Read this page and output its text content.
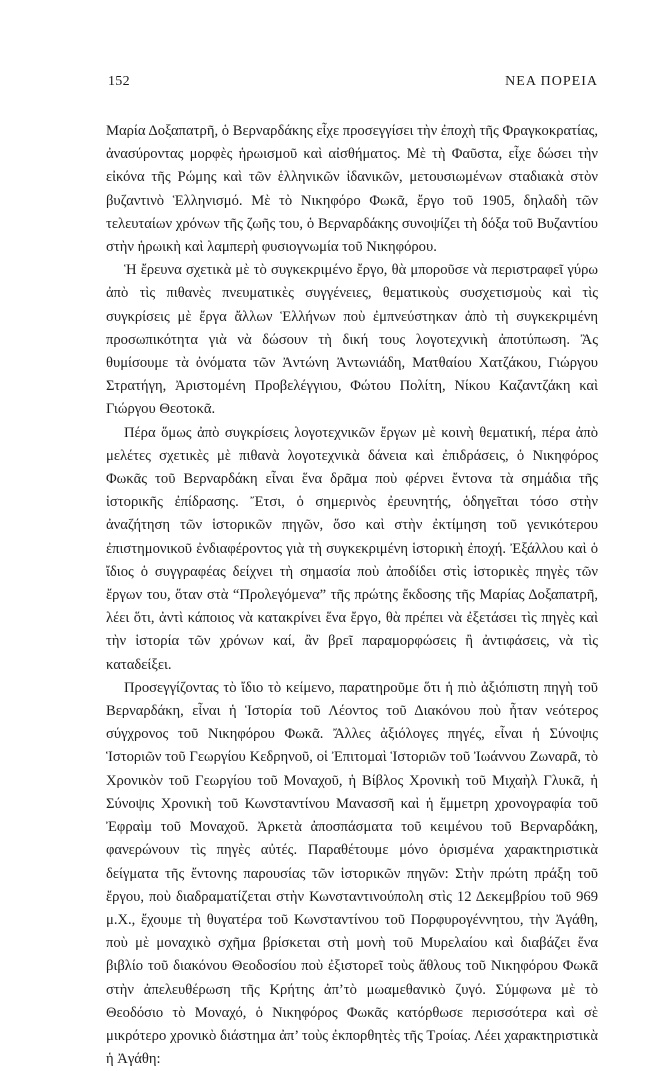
152	ΝΕΑ ΠΟΡΕΙΑ

Μαρία Δοξαπατρῆ, ὁ Βερναρδάκης εἶχε προσεγγίσει τὴν ἐποχὴ τῆς Φραγκοκρατίας, ἀνασύροντας μορφὲς ἡρωισμοῦ καὶ αἰσθήματος. Μὲ τὴ Φαῦστα, εἶχε δώσει τὴν εἰκόνα τῆς Ρώμης καὶ τῶν ἑλληνικῶν ἰδανικῶν, μετουσιωμένων σταδιακὰ στὸν βυζαντινὸ Ἑλληνισμό. Μὲ τὸ Νικηφόρο Φωκᾶ, ἔργο τοῦ 1905, δηλαδὴ τῶν τελευταίων χρόνων τῆς ζωῆς του, ὁ Βερναρδάκης συνοψίζει τὴ δόξα τοῦ Βυζαντίου στὴν ἡρωικὴ καὶ λαμπερὴ φυσιογνωμία τοῦ Νικηφόρου.

Ἡ ἔρευνα σχετικὰ μὲ τὸ συγκεκριμένο ἔργο, θὰ μποροῦσε νὰ περιστραφεῖ γύρω ἀπὸ τὶς πιθανὲς πνευματικὲς συγγένειες, θεματικοὺς συσχετισμοὺς καὶ τὶς συγκρίσεις μὲ ἔργα ἄλλων Ἑλλήνων ποὺ ἐμπνεύστηκαν ἀπὸ τὴ συγκεκριμένη προσωπικότητα γιὰ νὰ δώσουν τὴ δική τους λογοτεχνικὴ ἀποτύπωση. Ἂς θυμίσουμε τὰ ὀνόματα τῶν Ἀντώνη Ἀντωνιάδη, Ματθαίου Χατζάκου, Γιώργου Στρατήγη, Ἀριστομένη Προβελέγγιου, Φώτου Πολίτη, Νίκου Καζαντζάκη καὶ Γιώργου Θεοτοκᾶ.

Πέρα ὅμως ἀπὸ συγκρίσεις λογοτεχνικῶν ἔργων μὲ κοινὴ θεματική, πέρα ἀπὸ μελέτες σχετικὲς μὲ πιθανὰ λογοτεχνικὰ δάνεια καὶ ἐπιδράσεις, ὁ Νικηφόρος Φωκᾶς τοῦ Βερναρδάκη εἶναι ἕνα δρᾶμα ποὺ φέρνει ἔντονα τὰ σημάδια τῆς ἱστορικῆς ἐπίδρασης. Ἔτσι, ὁ σημερινὸς ἐρευνητής, ὁδηγεῖται τόσο στὴν ἀναζήτηση τῶν ἱστορικῶν πηγῶν, ὅσο καὶ στὴν ἐκτίμηση τοῦ γενικότερου ἐπιστημονικοῦ ἐνδιαφέροντος γιὰ τὴ συγκεκριμένη ἱστορικὴ ἐποχή. Ἐξάλλου καὶ ὁ ἴδιος ὁ συγγραφέας δείχνει τὴ σημασία ποὺ ἀποδίδει στὶς ἱστορικὲς πηγὲς τῶν ἔργων του, ὅταν στὰ “Προλεγόμενα” τῆς πρώτης ἔκδοσης τῆς Μαρίας Δοξαπατρῆ, λέει ὅτι, ἀντὶ κάποιος νὰ κατακρίνει ἕνα ἔργο, θὰ πρέπει νὰ ἐξετάσει τὶς πηγὲς καὶ τὴν ἱστορία τῶν χρόνων καί, ἂν βρεῖ παραμορφώσεις ἢ ἀντιφάσεις, νὰ τὶς καταδείξει.

Προσεγγίζοντας τὸ ἴδιο τὸ κείμενο, παρατηροῦμε ὅτι ἡ πιὸ ἀξιόπιστη πηγὴ τοῦ Βερναρδάκη, εἶναι ἡ Ἱστορία τοῦ Λέοντος τοῦ Διακόνου ποὺ ἦταν νεότερος σύγχρονος τοῦ Νικηφόρου Φωκᾶ. Ἄλλες ἀξιόλογες πηγές, εἶναι ἡ Σύνοψις Ἱστοριῶν τοῦ Γεωργίου Κεδρηνοῦ, οἱ Ἐπιτομαὶ Ἱστοριῶν τοῦ Ἰωάννου Ζωναρᾶ, τὸ Χρονικὸν τοῦ Γεωργίου τοῦ Μοναχοῦ, ἡ Βίβλος Χρονικὴ τοῦ Μιχαὴλ Γλυκᾶ, ἡ Σύνοψις Χρονικὴ τοῦ Κωνσταντίνου Μανασσῆ καὶ ἡ ἔμμετρη χρονογραφία τοῦ Ἐφραὶμ τοῦ Μοναχοῦ. Ἀρκετὰ ἀποσπάσματα τοῦ κειμένου τοῦ Βερναρδάκη, φανερώνουν τὶς πηγὲς αὐτές. Παραθέτουμε μόνο ὁρισμένα χαρακτηριστικὰ δείγματα τῆς ἔντονης παρουσίας τῶν ἱστορικῶν πηγῶν: Στὴν πρώτη πράξη τοῦ ἔργου, ποὺ διαδραματίζεται στὴν Κωνσταντινούπολη στὶς 12 Δεκεμβρίου τοῦ 969 μ.Χ., ἔχουμε τὴ θυγατέρα τοῦ Κωνσταντίνου τοῦ Πορφυρογέννητου, τὴν Ἀγάθη, ποὺ μὲ μοναχικὸ σχῆμα βρίσκεται στὴ μονὴ τοῦ Μυρελαίου καὶ διαβάζει ἕνα βιβλίο τοῦ διακόνου Θεοδοσίου ποὺ ἐξιστορεῖ τοὺς ἄθλους τοῦ Νικηφόρου Φωκᾶ στὴν ἀπελευθέρωση τῆς Κρήτης ἀπ’τὸ μωαμεθανικὸ ζυγό. Σύμφωνα μὲ τὸ Θεοδόσιο τὸ Μοναχό, ὁ Νικηφόρος Φωκᾶς κατόρθωσε περισσότερα καὶ σὲ μικρότερο χρονικὸ διάστημα ἀπ’ τοὺς ἐκπορθητὲς τῆς Τροίας. Λέει χαρακτηριστικὰ ἡ Ἀγάθη:
